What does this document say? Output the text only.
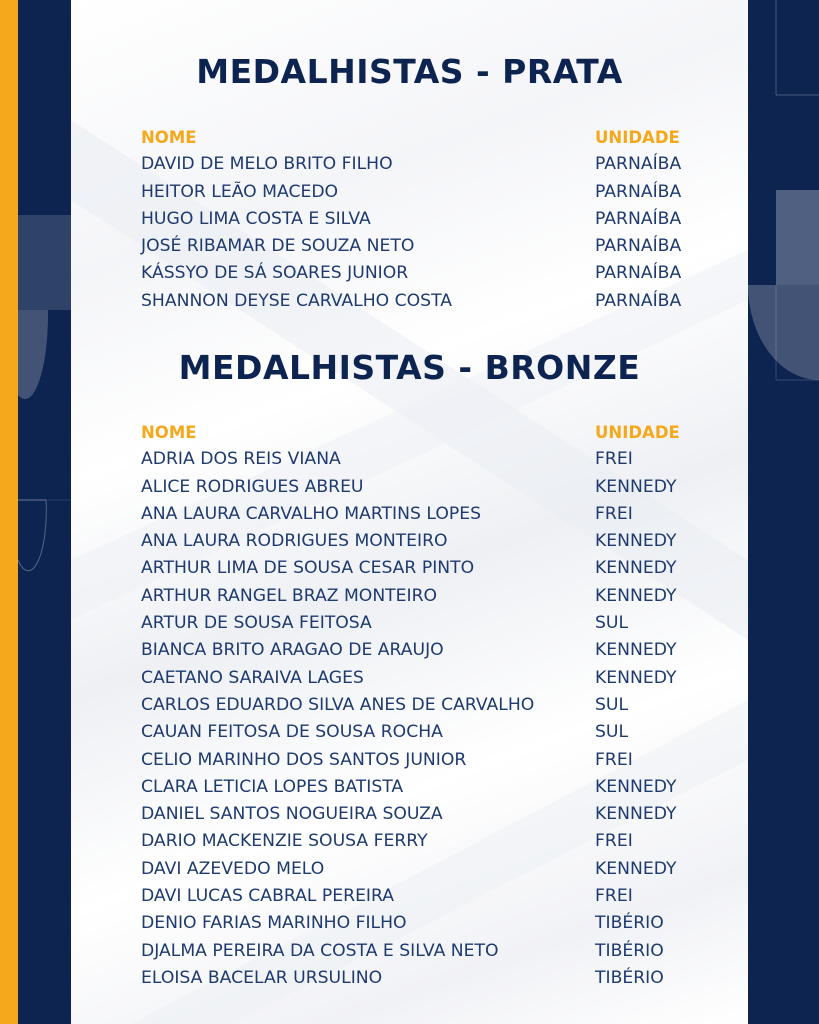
MEDALHISTAS - PRATA
NOME	UNIDADE
DAVID DE MELO BRITO FILHO	PARNAÍBA
HEITOR LEÃO MACEDO	PARNAÍBA
HUGO LIMA COSTA E SILVA	PARNAÍBA
JOSÉ RIBAMAR DE SOUZA NETO	PARNAÍBA
KÁSSYO DE SÁ SOARES JUNIOR	PARNAÍBA
SHANNON DEYSE CARVALHO COSTA	PARNAÍBA
MEDALHISTAS - BRONZE
NOME	UNIDADE
ADRIA DOS REIS VIANA	FREI
ALICE RODRIGUES ABREU	KENNEDY
ANA LAURA CARVALHO MARTINS LOPES	FREI
ANA LAURA RODRIGUES MONTEIRO	KENNEDY
ARTHUR LIMA DE SOUSA CESAR PINTO	KENNEDY
ARTHUR RANGEL BRAZ MONTEIRO	KENNEDY
ARTUR DE SOUSA FEITOSA	SUL
BIANCA BRITO ARAGAO DE ARAUJO	KENNEDY
CAETANO SARAIVA LAGES	KENNEDY
CARLOS EDUARDO SILVA ANES DE CARVALHO	SUL
CAUAN FEITOSA DE SOUSA ROCHA	SUL
CELIO MARINHO DOS SANTOS JUNIOR	FREI
CLARA LETICIA LOPES BATISTA	KENNEDY
DANIEL SANTOS NOGUEIRA SOUZA	KENNEDY
DARIO MACKENZIE SOUSA FERRY	FREI
DAVI AZEVEDO MELO	KENNEDY
DAVI LUCAS CABRAL PEREIRA	FREI
DENIO FARIAS MARINHO FILHO	TIBÉRIO
DJALMA PEREIRA DA COSTA E SILVA NETO	TIBÉRIO
ELOISA BACELAR URSULINO	TIBÉRIO
